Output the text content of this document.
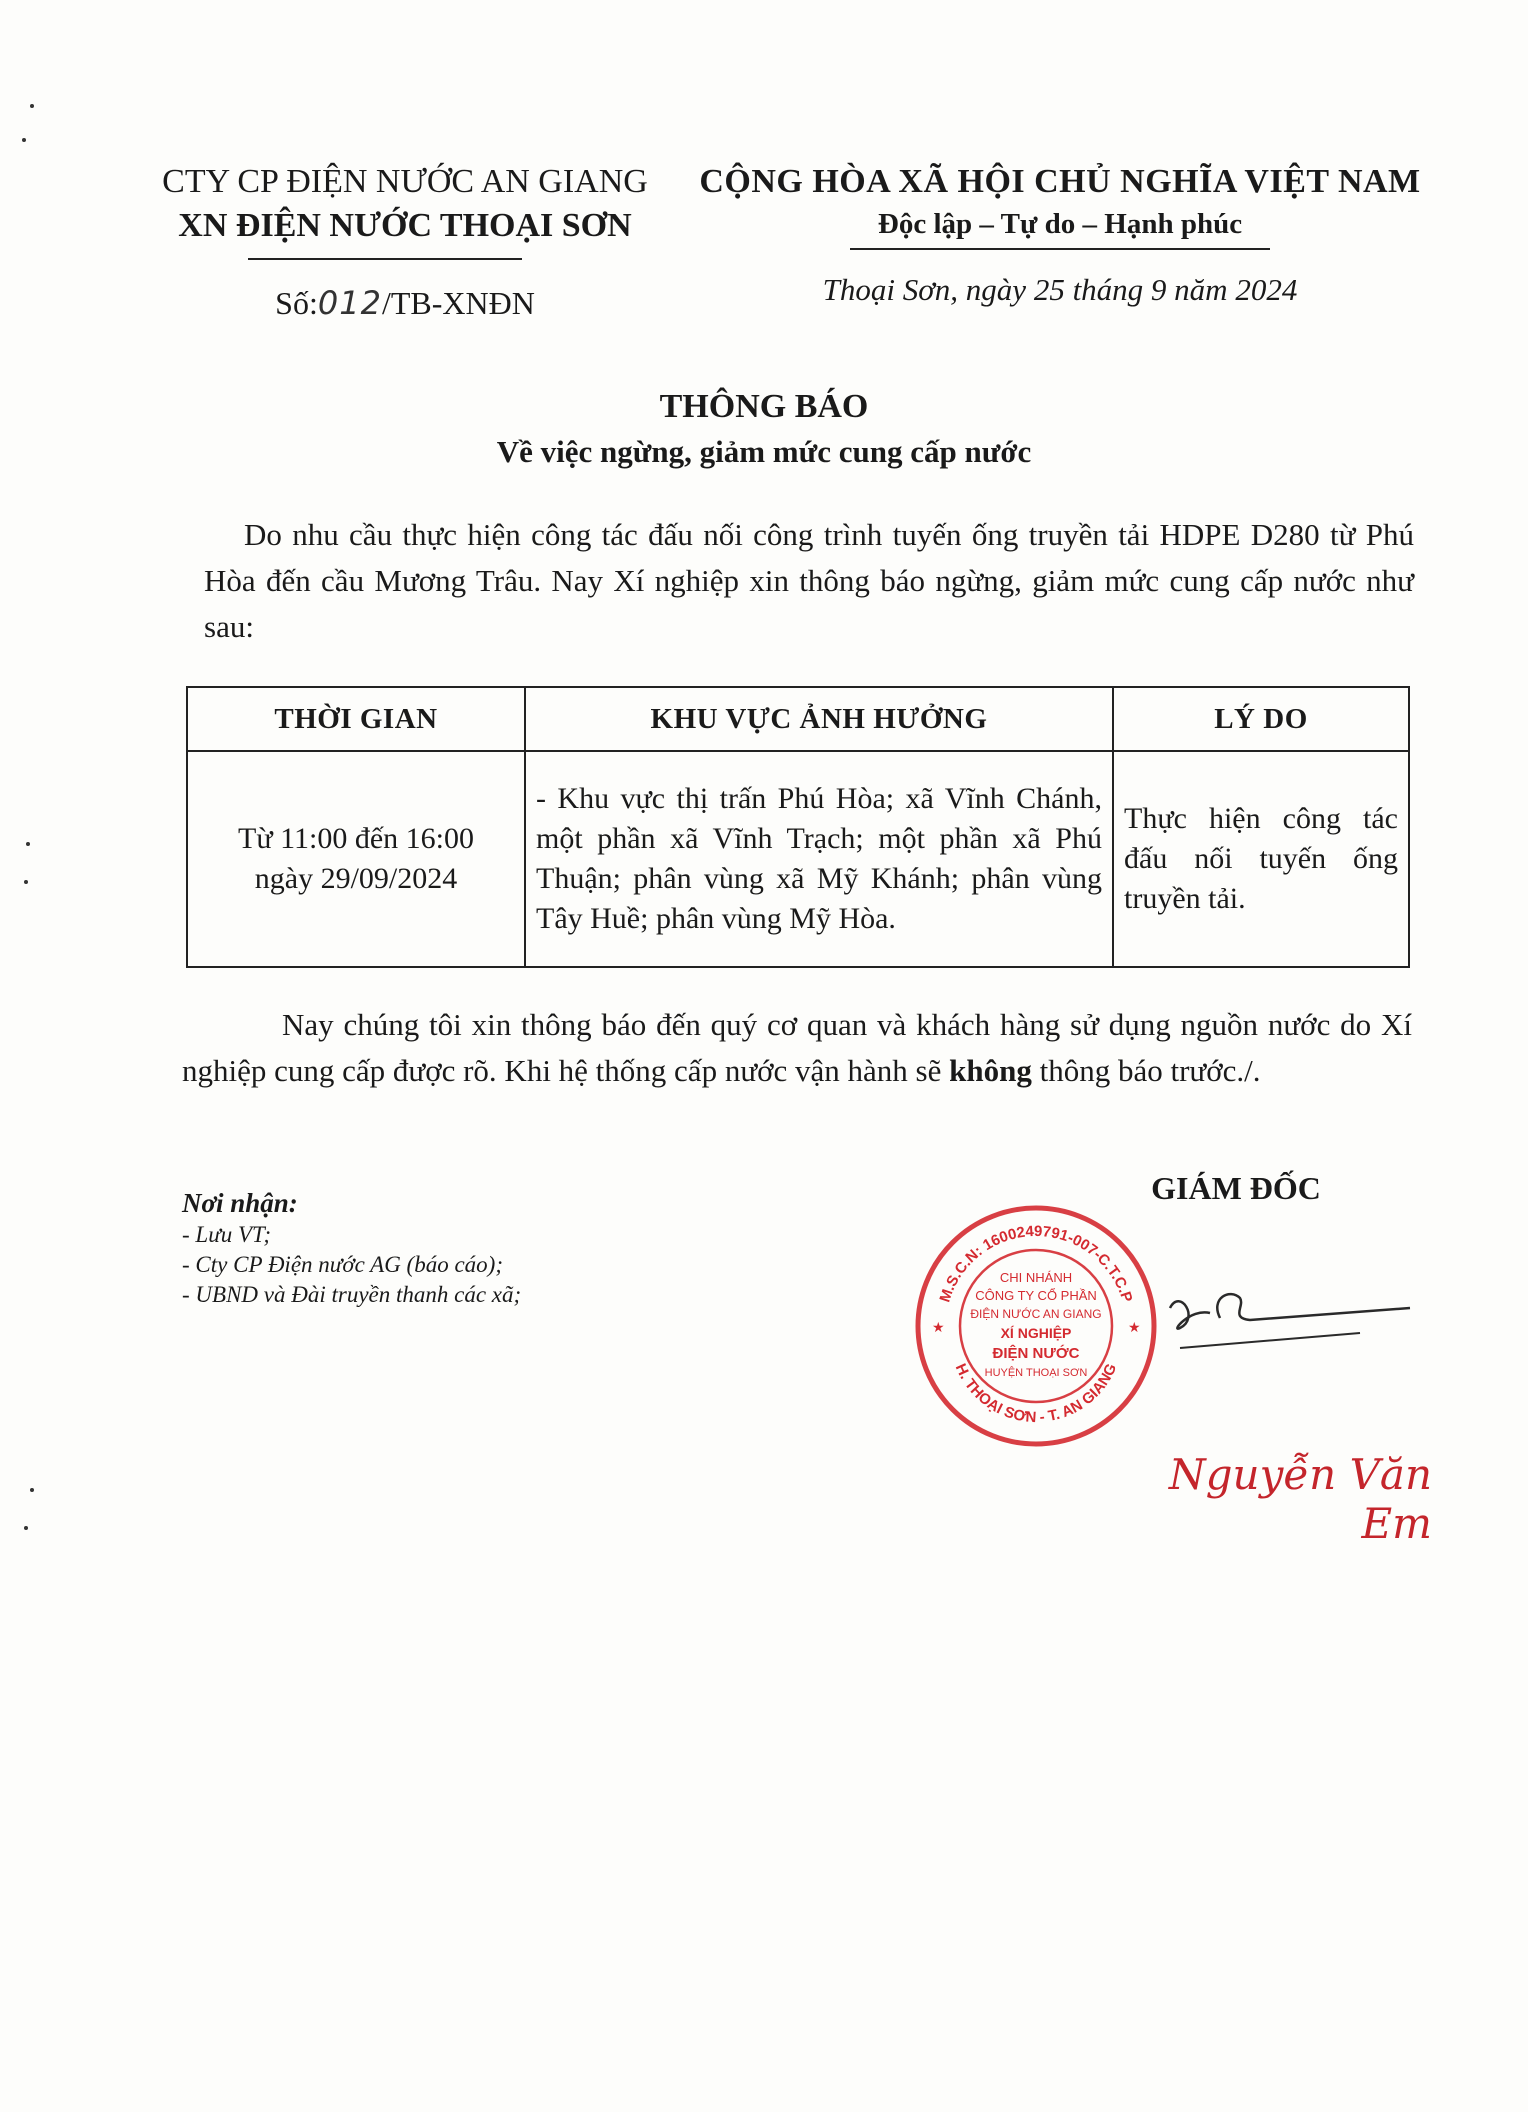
CTY CP ĐIỆN NƯỚC AN GIANG
XN ĐIỆN NƯỚC THOẠI SƠN
Số:012/TB-XNĐN
CỘNG HÒA XÃ HỘI CHỦ NGHĨA VIỆT NAM
Độc lập – Tự do – Hạnh phúc
Thoại Sơn, ngày 25 tháng 9 năm 2024
THÔNG BÁO
Về việc ngừng, giảm mức cung cấp nước
Do nhu cầu thực hiện công tác đấu nối công trình tuyến ống truyền tải HDPE D280 từ Phú Hòa đến cầu Mương Trâu. Nay Xí nghiệp xin thông báo ngừng, giảm mức cung cấp nước như sau:
THỜI GIAN	KHU VỰC ẢNH HƯỞNG	LÝ DO

Từ 11:00 đến 16:00
ngày 29/09/2024	- Khu vực thị trấn Phú Hòa; xã Vĩnh Chánh, một phần xã Vĩnh Trạch; một phần xã Phú Thuận; phân vùng xã Mỹ Khánh; phân vùng Tây Huề; phân vùng Mỹ Hòa.	Thực hiện công tác đấu nối tuyến ống truyền tải.
Nay chúng tôi xin thông báo đến quý cơ quan và khách hàng sử dụng nguồn nước do Xí nghiệp cung cấp được rõ. Khi hệ thống cấp nước vận hành sẽ không thông báo trước./.
Nơi nhận:
- Lưu VT;
- Cty CP Điện nước AG (báo cáo);
- UBND và Đài truyền thanh các xã;
GIÁM ĐỐC
M.S.C.N: 1600249791-007-C.T.C.P
H. THOẠI SƠN - T. AN GIANG
★	★
CHI NHÁNH
CÔNG TY CỔ PHẦN
ĐIỆN NƯỚC AN GIANG
XÍ NGHIỆP
ĐIỆN NƯỚC
HUYỆN THOẠI SƠN
Nguyễn Văn Em
